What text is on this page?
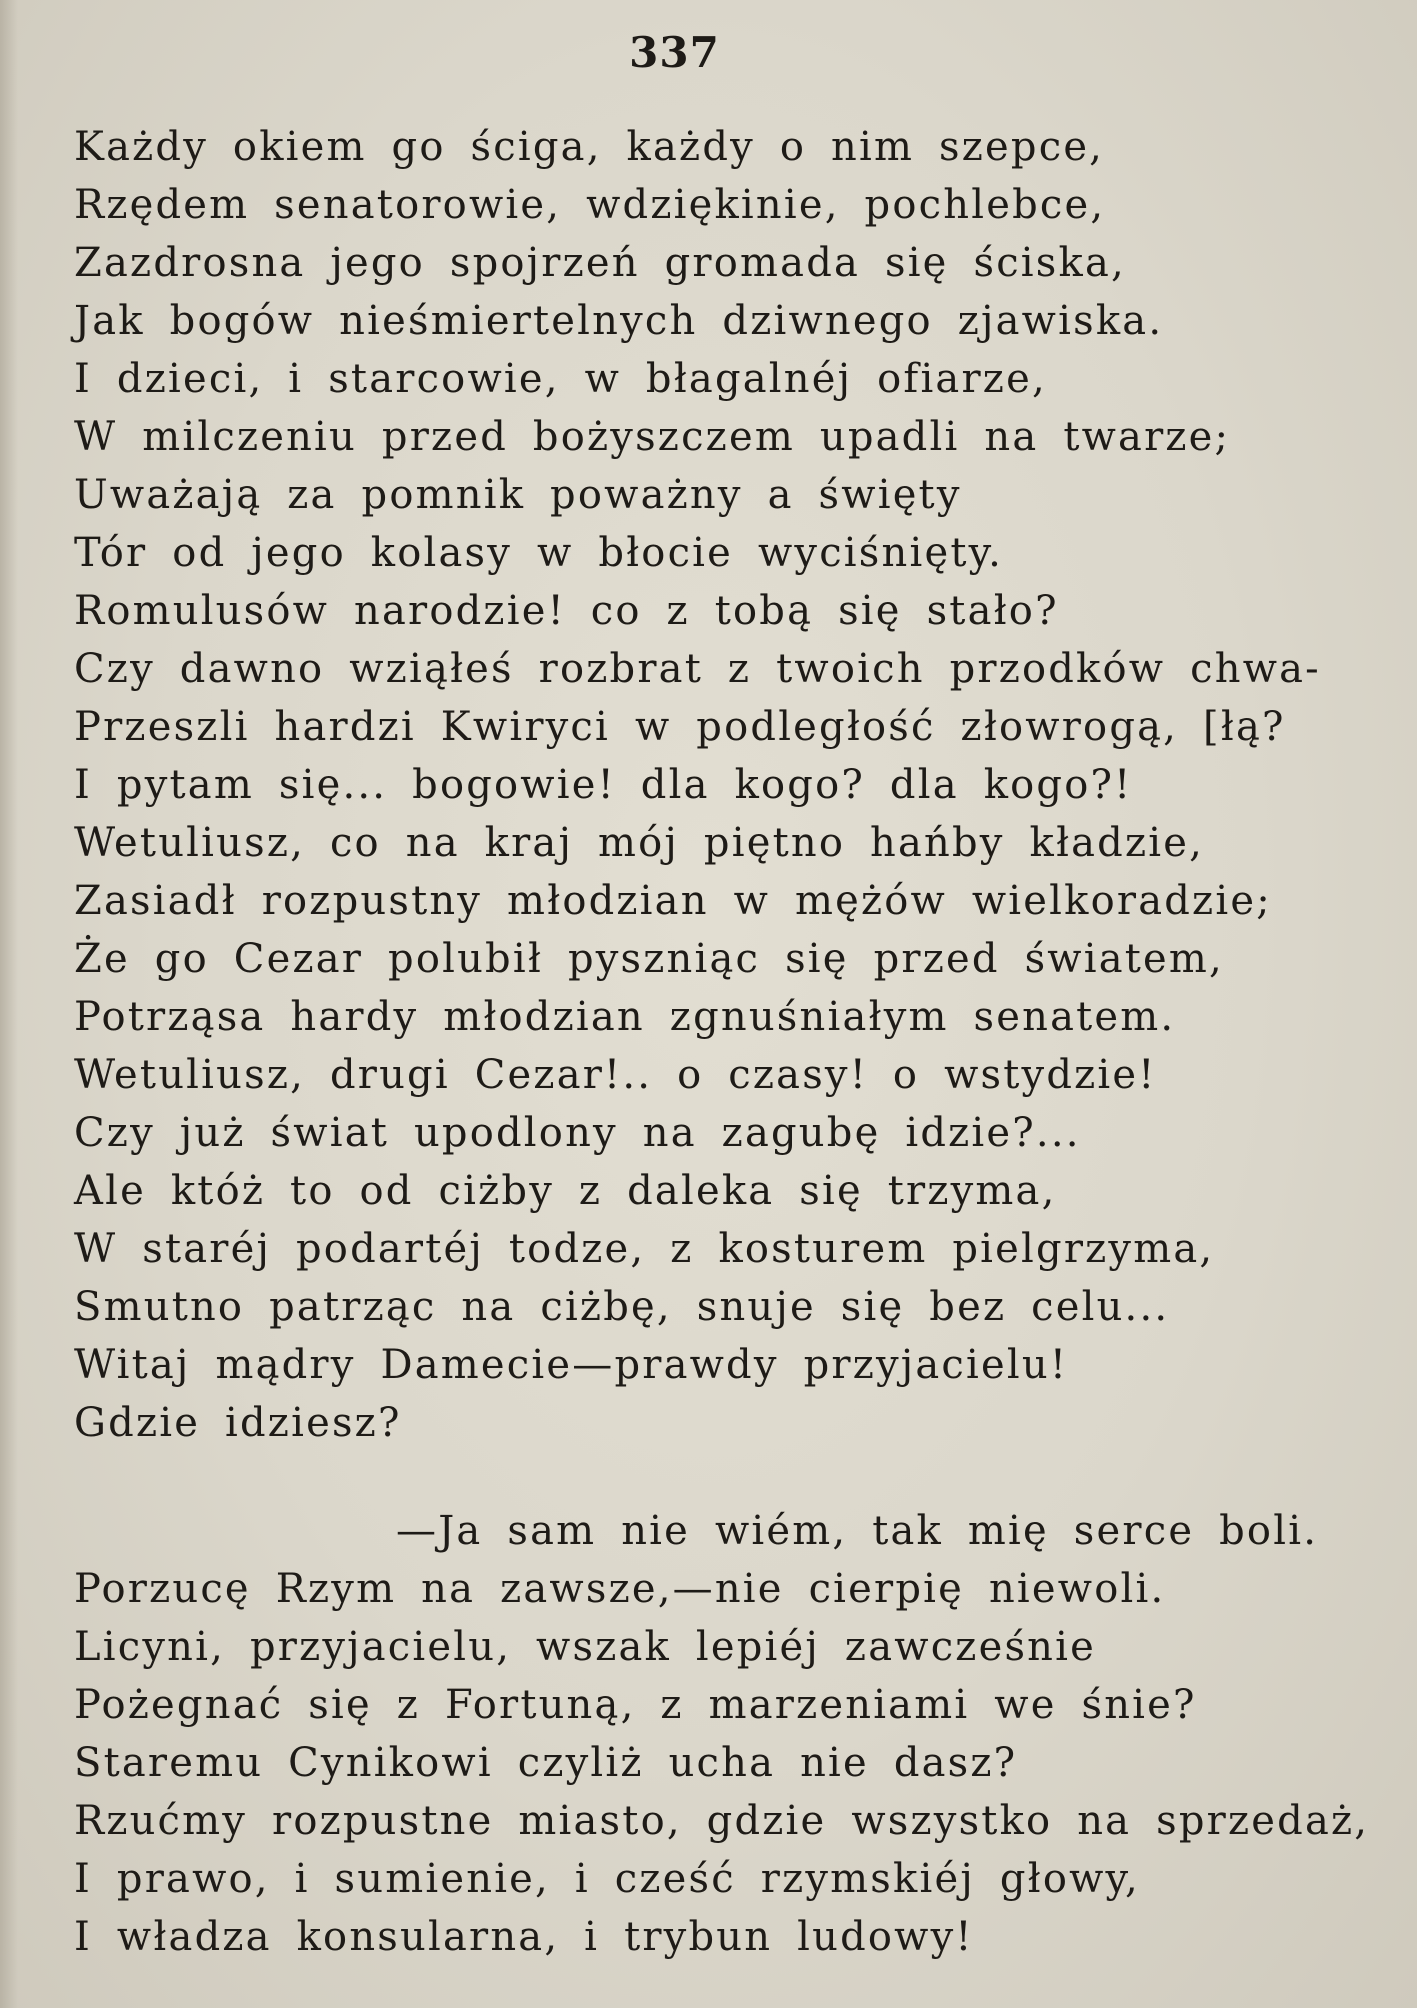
337
Każdy okiem go ściga, każdy o nim szepce,
Rzędem senatorowie, wdziękinie, pochlebce,
Zazdrosna jego spojrzeń gromada się ściska,
Jak bogów nieśmiertelnych dziwnego zjawiska.
I dzieci, i starcowie, w błagalnéj ofiarze,
W milczeniu przed bożyszczem upadli na twarze;
Uważają za pomnik poważny a święty
Tór od jego kolasy w błocie wyciśnięty.
Romulusów narodzie! co z tobą się stało?
Czy dawno wziąłeś rozbrat z twoich przodków chwa-
Przeszli hardzi Kwiryci w podległość złowrogą, [łą?
I pytam się... bogowie! dla kogo? dla kogo?!
Wetuliusz, co na kraj mój piętno hańby kładzie,
Zasiadł rozpustny młodzian w mężów wielkoradzie;
Że go Cezar polubił pyszniąc się przed światem,
Potrząsa hardy młodzian zgnuśniałym senatem.
Wetuliusz, drugi Cezar!.. o czasy! o wstydzie!
Czy już świat upodlony na zagubę idzie?...
Ale któż to od ciżby z daleka się trzyma,
W staréj podartéj todze, z kosturem pielgrzyma,
Smutno patrząc na ciżbę, snuje się bez celu...
Witaj mądry Damecie—prawdy przyjacielu!
Gdzie idziesz?
—Ja sam nie wiém, tak mię serce boli.
Porzucę Rzym na zawsze,—nie cierpię niewoli.
Licyni, przyjacielu, wszak lepiéj zawcześnie
Pożegnać się z Fortuną, z marzeniami we śnie?
Staremu Cynikowi czyliż ucha nie dasz?
Rzućmy rozpustne miasto, gdzie wszystko na sprzedaż,
I prawo, i sumienie, i cześć rzymskiéj głowy,
I władza konsularna, i trybun ludowy!
